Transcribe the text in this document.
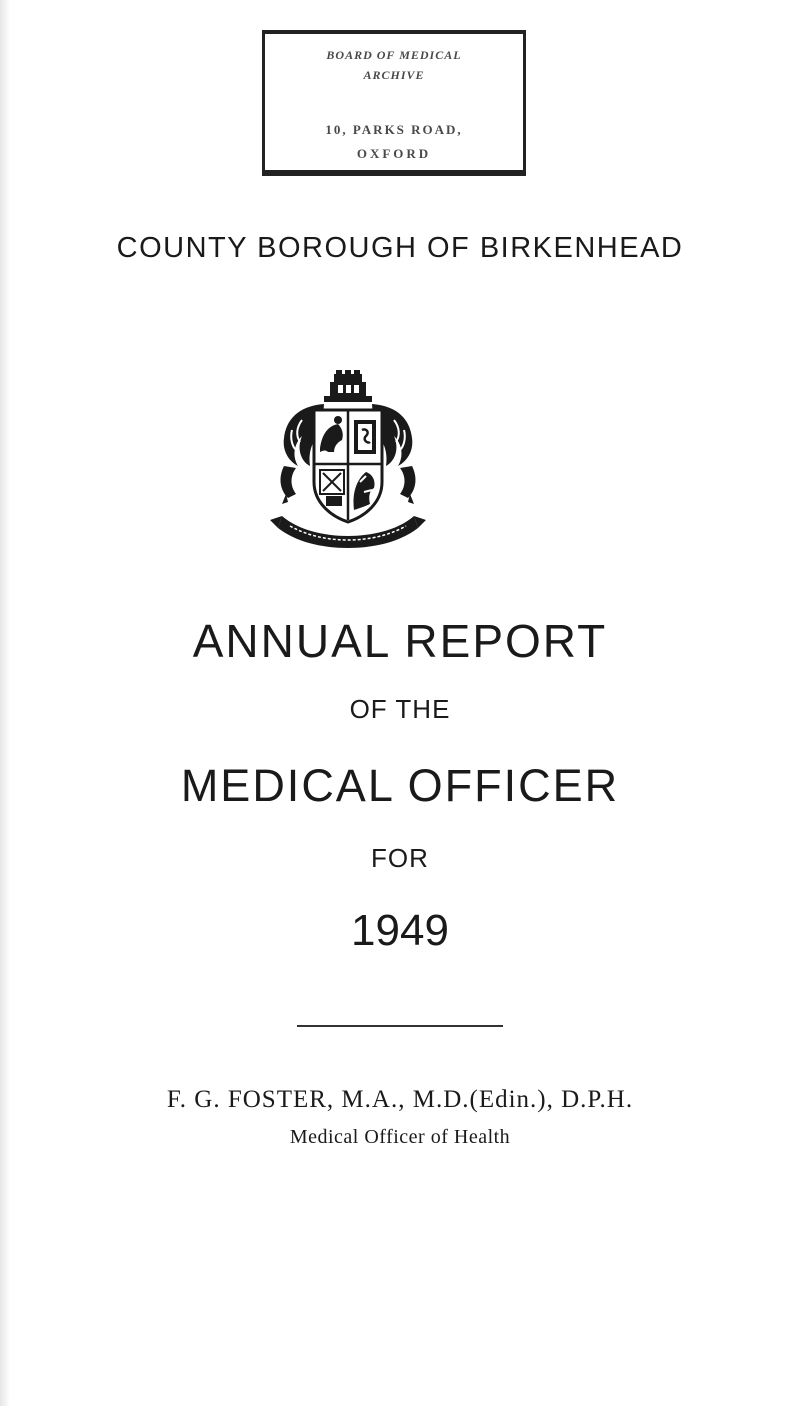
BOARD OF MEDICAL
ARCHIVE
10, PARKS ROAD,
OXFORD
COUNTY BOROUGH OF BIRKENHEAD
ANNUAL REPORT
OF THE
MEDICAL OFFICER
FOR
1949
F. G. FOSTER, M.A., M.D.(Edin.), D.P.H.
Medical Officer of Health
